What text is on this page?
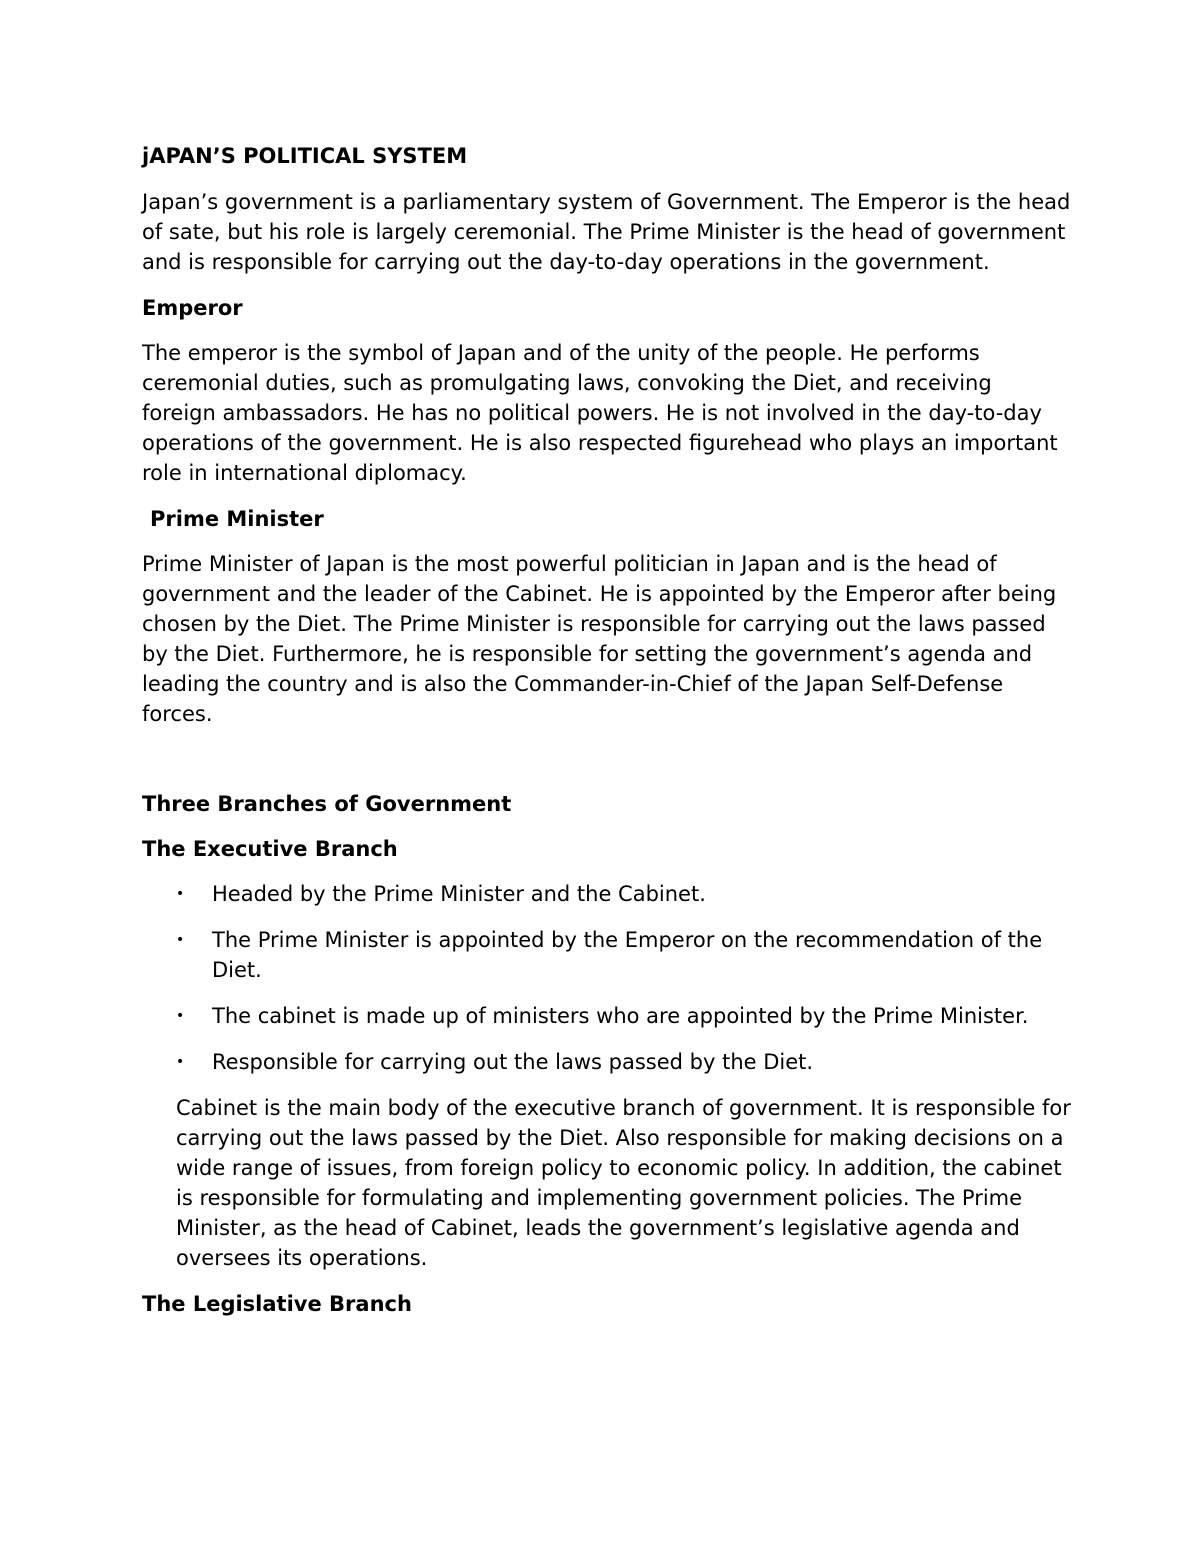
jAPAN’S POLITICAL SYSTEM

Japan’s government is a parliamentary system of Government. The Emperor is the head of sate, but his role is largely ceremonial. The Prime Minister is the head of government and is responsible for carrying out the day-to-day operations in the government.

Emperor

The emperor is the symbol of Japan and of the unity of the people. He performs ceremonial duties, such as promulgating laws, convoking the Diet, and receiving foreign ambassadors. He has no political powers. He is not involved in the day-to-day operations of the government. He is also respected figurehead who plays an important role in international diplomacy.

Prime Minister

Prime Minister of Japan is the most powerful politician in Japan and is the head of government and the leader of the Cabinet. He is appointed by the Emperor after being chosen by the Diet. The Prime Minister is responsible for carrying out the laws passed by the Diet. Furthermore, he is responsible for setting the government’s agenda and leading the country and is also the Commander-in-Chief of the Japan Self-Defense forces.

Three Branches of Government
The Executive Branch
• Headed by the Prime Minister and the Cabinet.
• The Prime Minister is appointed by the Emperor on the recommendation of the Diet.
• The cabinet is made up of ministers who are appointed by the Prime Minister.
• Responsible for carrying out the laws passed by the Diet.

Cabinet is the main body of the executive branch of government. It is responsible for carrying out the laws passed by the Diet. Also responsible for making decisions on a wide range of issues, from foreign policy to economic policy. In addition, the cabinet is responsible for formulating and implementing government policies. The Prime Minister, as the head of Cabinet, leads the government’s legislative agenda and oversees its operations.

The Legislative Branch
